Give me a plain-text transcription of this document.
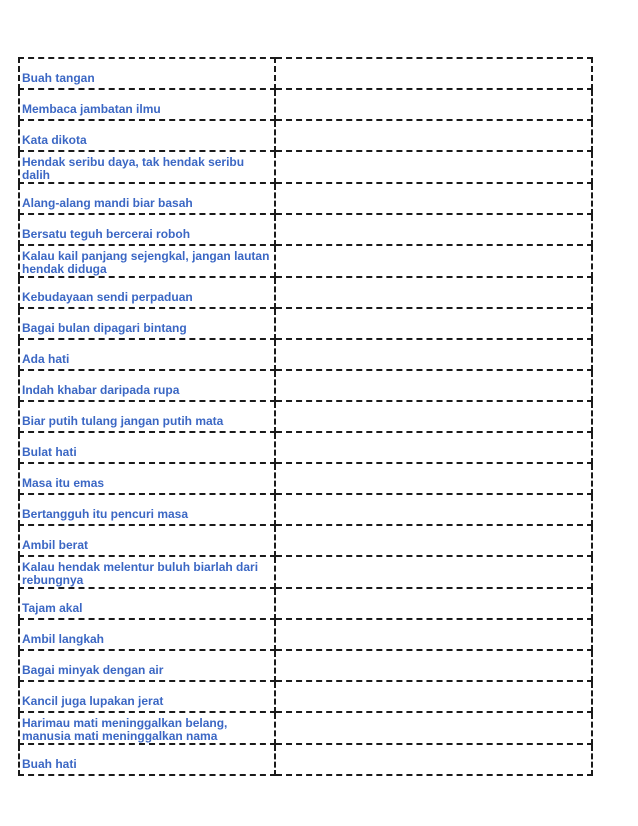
Buah tangan	

Membaca jambatan ilmu	

Kata dikota	

Hendak seribu daya, tak hendak seribu dalih	

Alang-alang mandi biar basah	

Bersatu teguh bercerai roboh	

Kalau kail panjang sejengkal, jangan lautan hendak diduga	

Kebudayaan sendi perpaduan	

Bagai bulan dipagari bintang	

Ada hati	

Indah khabar daripada rupa	

Biar putih tulang jangan putih mata	

Bulat hati	

Masa itu emas	

Bertangguh itu pencuri masa	

Ambil berat	

Kalau hendak melentur buluh biarlah dari rebungnya	

Tajam akal	

Ambil langkah	

Bagai minyak dengan air	

Kancil juga lupakan jerat	

Harimau mati meninggalkan belang, manusia mati meninggalkan nama	

Buah hati	
